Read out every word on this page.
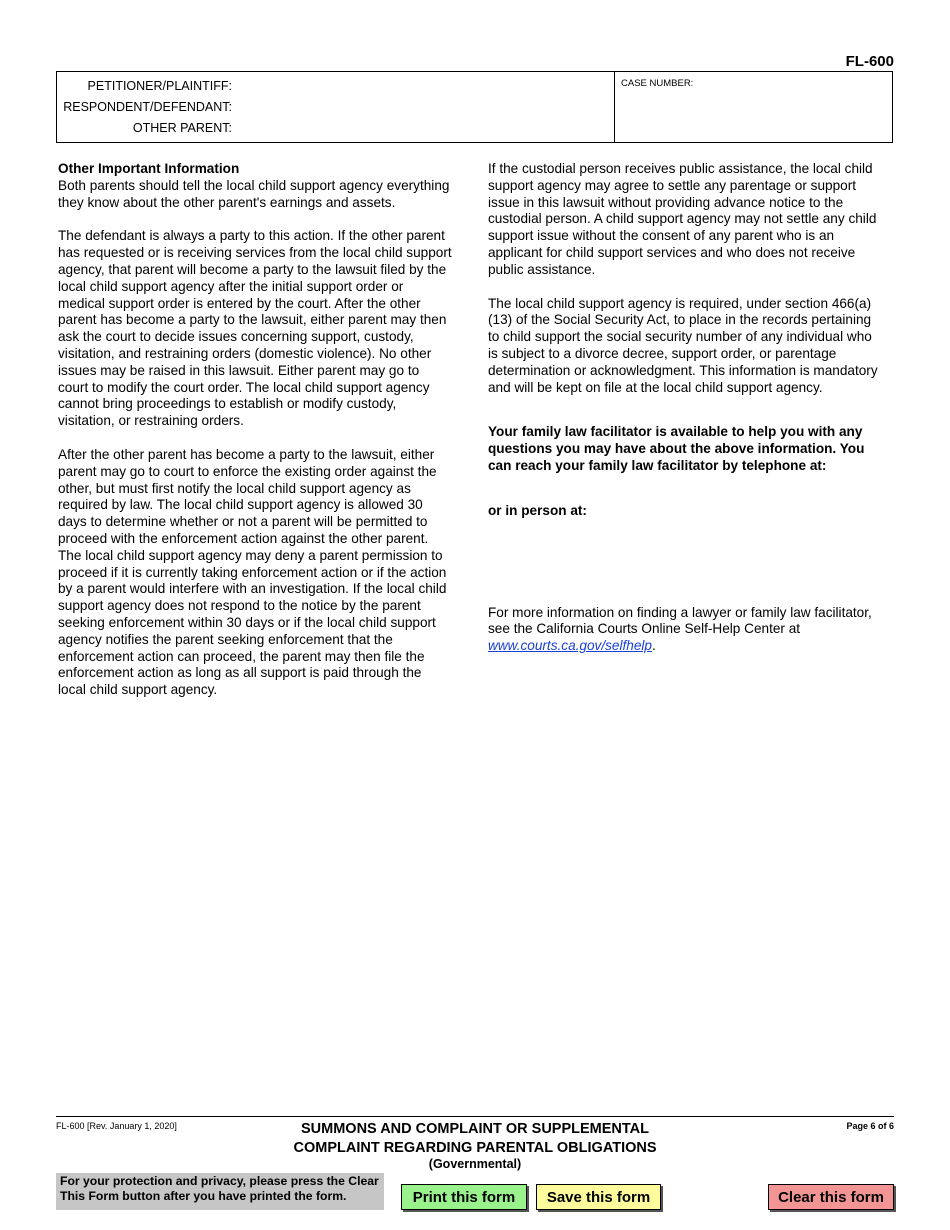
FL-600
PETITIONER/PLAINTIFF:
RESPONDENT/DEFENDANT:
OTHER PARENT:
CASE NUMBER:

Other Important Information
Both parents should tell the local child support agency everything they know about the other parent's earnings and assets.

The defendant is always a party to this action. If the other parent has requested or is receiving services from the local child support agency, that parent will become a party to the lawsuit filed by the local child support agency after the initial support order or medical support order is entered by the court. After the other parent has become a party to the lawsuit, either parent may then ask the court to decide issues concerning support, custody, visitation, and restraining orders (domestic violence). No other issues may be raised in this lawsuit. Either parent may go to court to modify the court order. The local child support agency cannot bring proceedings to establish or modify custody, visitation, or restraining orders.

After the other parent has become a party to the lawsuit, either parent may go to court to enforce the existing order against the other, but must first notify the local child support agency as required by law. The local child support agency is allowed 30 days to determine whether or not a parent will be permitted to proceed with the enforcement action against the other parent. The local child support agency may deny a parent permission to proceed if it is currently taking enforcement action or if the action by a parent would interfere with an investigation. If the local child support agency does not respond to the notice by the parent seeking enforcement within 30 days or if the local child support agency notifies the parent seeking enforcement that the enforcement action can proceed, the parent may then file the enforcement action as long as all support is paid through the local child support agency.

If the custodial person receives public assistance, the local child support agency may agree to settle any parentage or support issue in this lawsuit without providing advance notice to the custodial person. A child support agency may not settle any child support issue without the consent of any parent who is an applicant for child support services and who does not receive public assistance.

The local child support agency is required, under section 466(a)(13) of the Social Security Act, to place in the records pertaining to child support the social security number of any individual who is subject to a divorce decree, support order, or parentage determination or acknowledgment. This information is mandatory and will be kept on file at the local child support agency.

Your family law facilitator is available to help you with any questions you may have about the above information. You can reach your family law facilitator by telephone at:

or in person at:

For more information on finding a lawyer or family law facilitator, see the California Courts Online Self-Help Center at www.courts.ca.gov/selfhelp.

FL-600 [Rev. January 1, 2020]	SUMMONS AND COMPLAINT OR SUPPLEMENTAL
COMPLAINT REGARDING PARENTAL OBLIGATIONS
(Governmental)
Page 6 of 6
For your protection and privacy, please press the Clear This Form button after you have printed the form.	Print this form	Save this form	Clear this form
